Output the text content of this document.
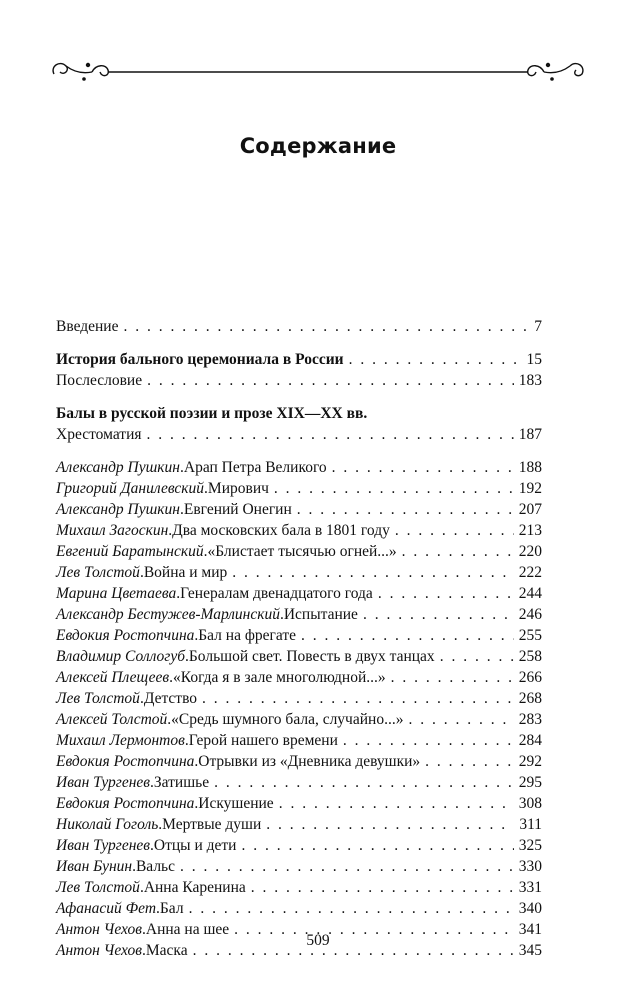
Содержание
Введение . . .	7
История бального церемониала в России . . .	15
Послесловие . . .	183
Балы в русской поэзии и прозе XIX—XX вв.
Хрестоматия . . .	187
Александр Пушкин . Арап Петра Великого . . .	188
Григорий Данилевский . Мирович . . .	192
Александр Пушкин . Евгений Онегин . . .	207
Михаил Загоскин . Два московских бала в 1801 году . . .	213
Евгений Баратынский . «Блистает тысячью огней...» . . .	220
Лев Толстой . Война и мир . . .	222
Марина Цветаева . Генералам двенадцатого года . . .	244
Александр Бестужев-Марлинский . Испытание . . .	246
Евдокия Ростопчина . Бал на фрегате . . .	255
Владимир Соллогуб . Большой свет. Повесть в двух танцах . . .	258
Алексей Плещеев . «Когда я в зале многолюдной...» . . .	266
Лев Толстой . Детство . . .	268
Алексей Толстой . «Средь шумного бала, случайно...» . . .	283
Михаил Лермонтов . Герой нашего времени . . .	284
Евдокия Ростопчина . Отрывки из «Дневника девушки» . . .	292
Иван Тургенев . Затишье . . .	295
Евдокия Ростопчина . Искушение . . .	308
Николай Гоголь . Мертвые души . . .	311
Иван Тургенев . Отцы и дети . . .	325
Иван Бунин . Вальс . . .	330
Лев Толстой . Анна Каренина . . .	331
Афанасий Фет . Бал . . .	340
Антон Чехов . Анна на шее . . .	341
Антон Чехов . Маска . . .	345
509
